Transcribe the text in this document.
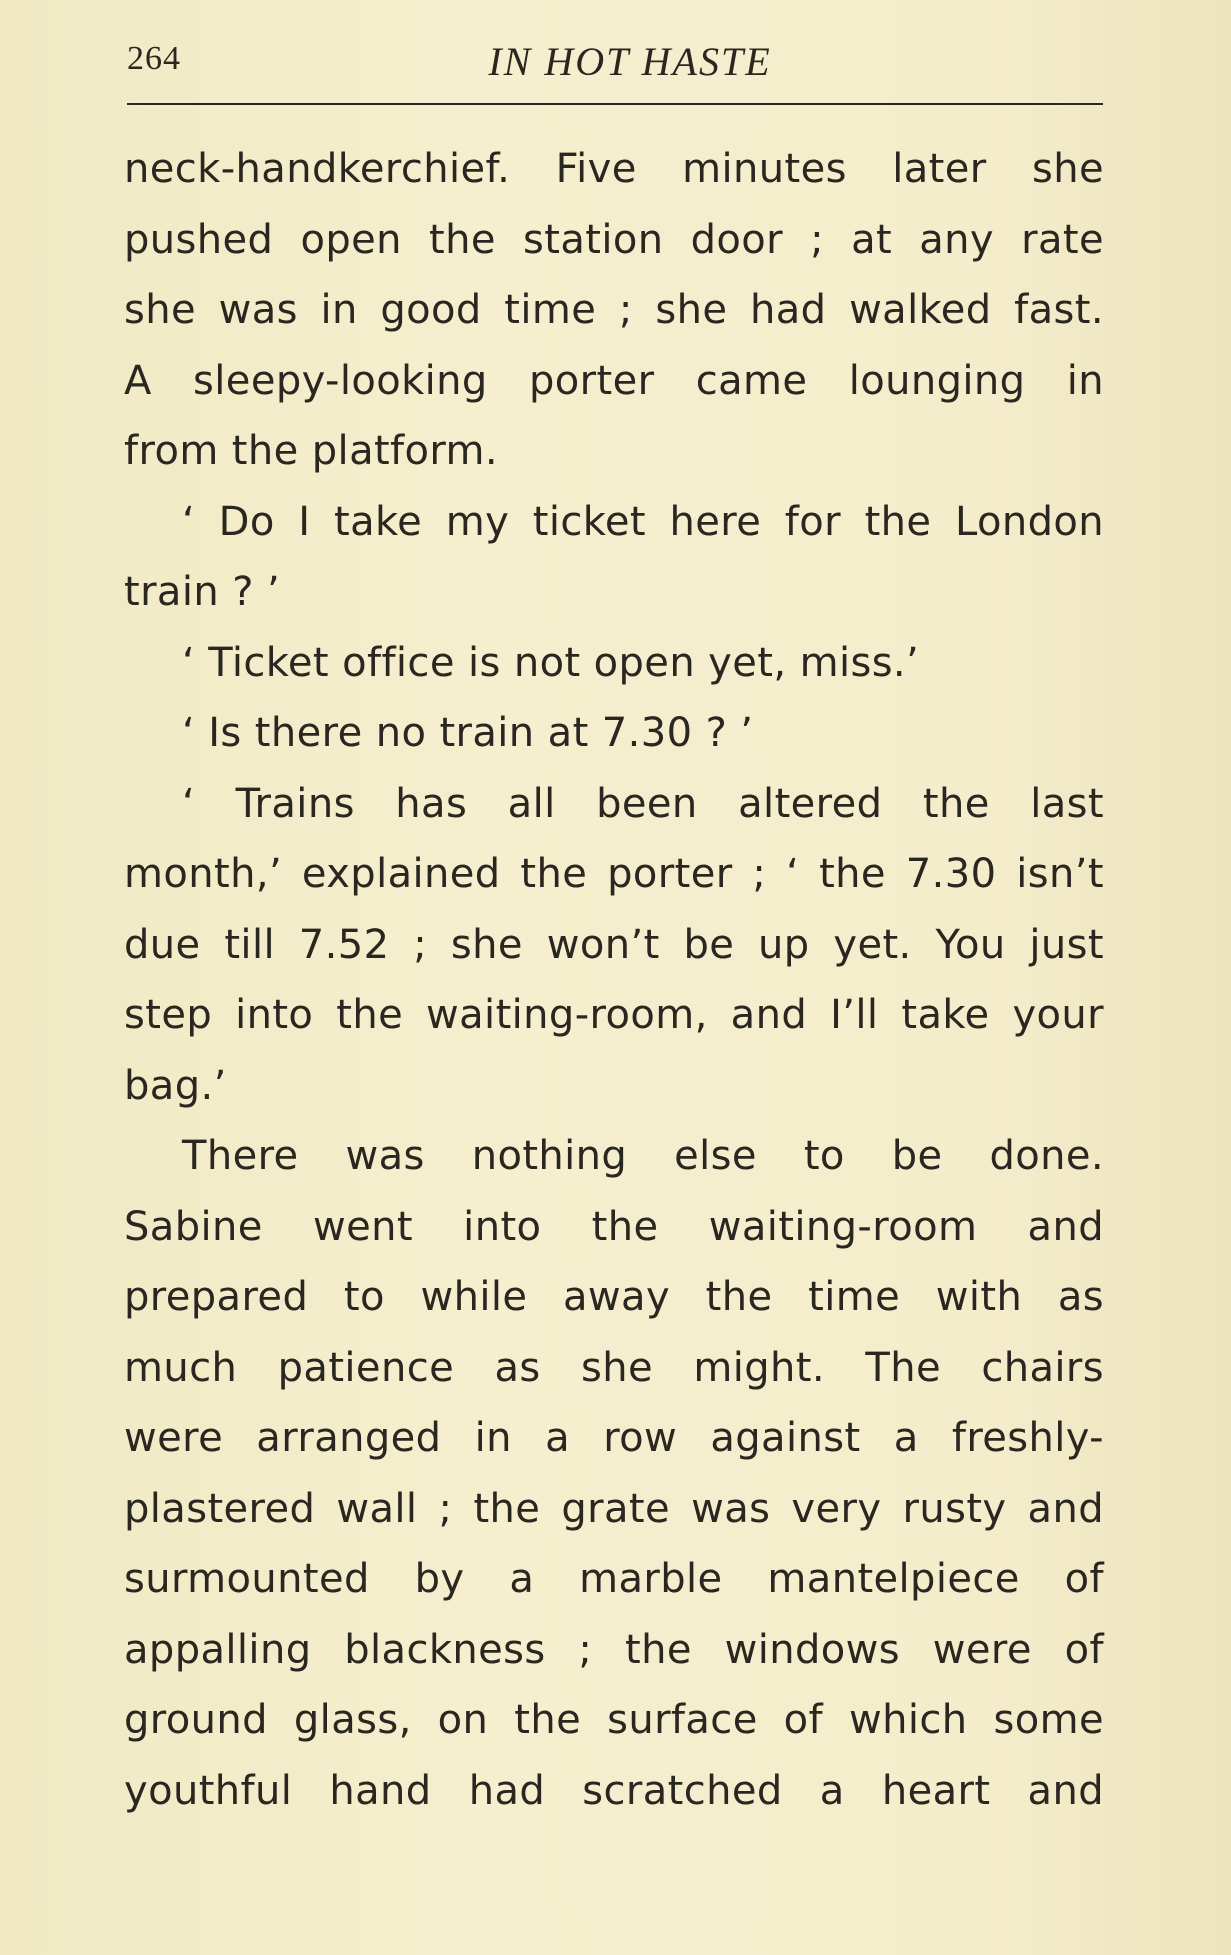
264	IN HOT HASTE
neck-handkerchief. Five minutes later she
pushed open the station door ; at any rate
she was in good time ; she had walked fast.
A sleepy-looking porter came lounging in
from the platform.
‘ Do I take my ticket here for the London
train ? ’
‘ Ticket office is not open yet, miss.’
‘ Is there no train at 7.30 ? ’
‘ Trains has all been altered the last
month,’ explained the porter ; ‘ the 7.30 isn’t
due till 7.52 ; she won’t be up yet. You just
step into the waiting-room, and I’ll take your
bag.’
There was nothing else to be done.
Sabine went into the waiting-room and
prepared to while away the time with as
much patience as she might. The chairs
were arranged in a row against a freshly-
plastered wall ; the grate was very rusty and
surmounted by a marble mantelpiece of
appalling blackness ; the windows were of
ground glass, on the surface of which some
youthful hand had scratched a heart and
